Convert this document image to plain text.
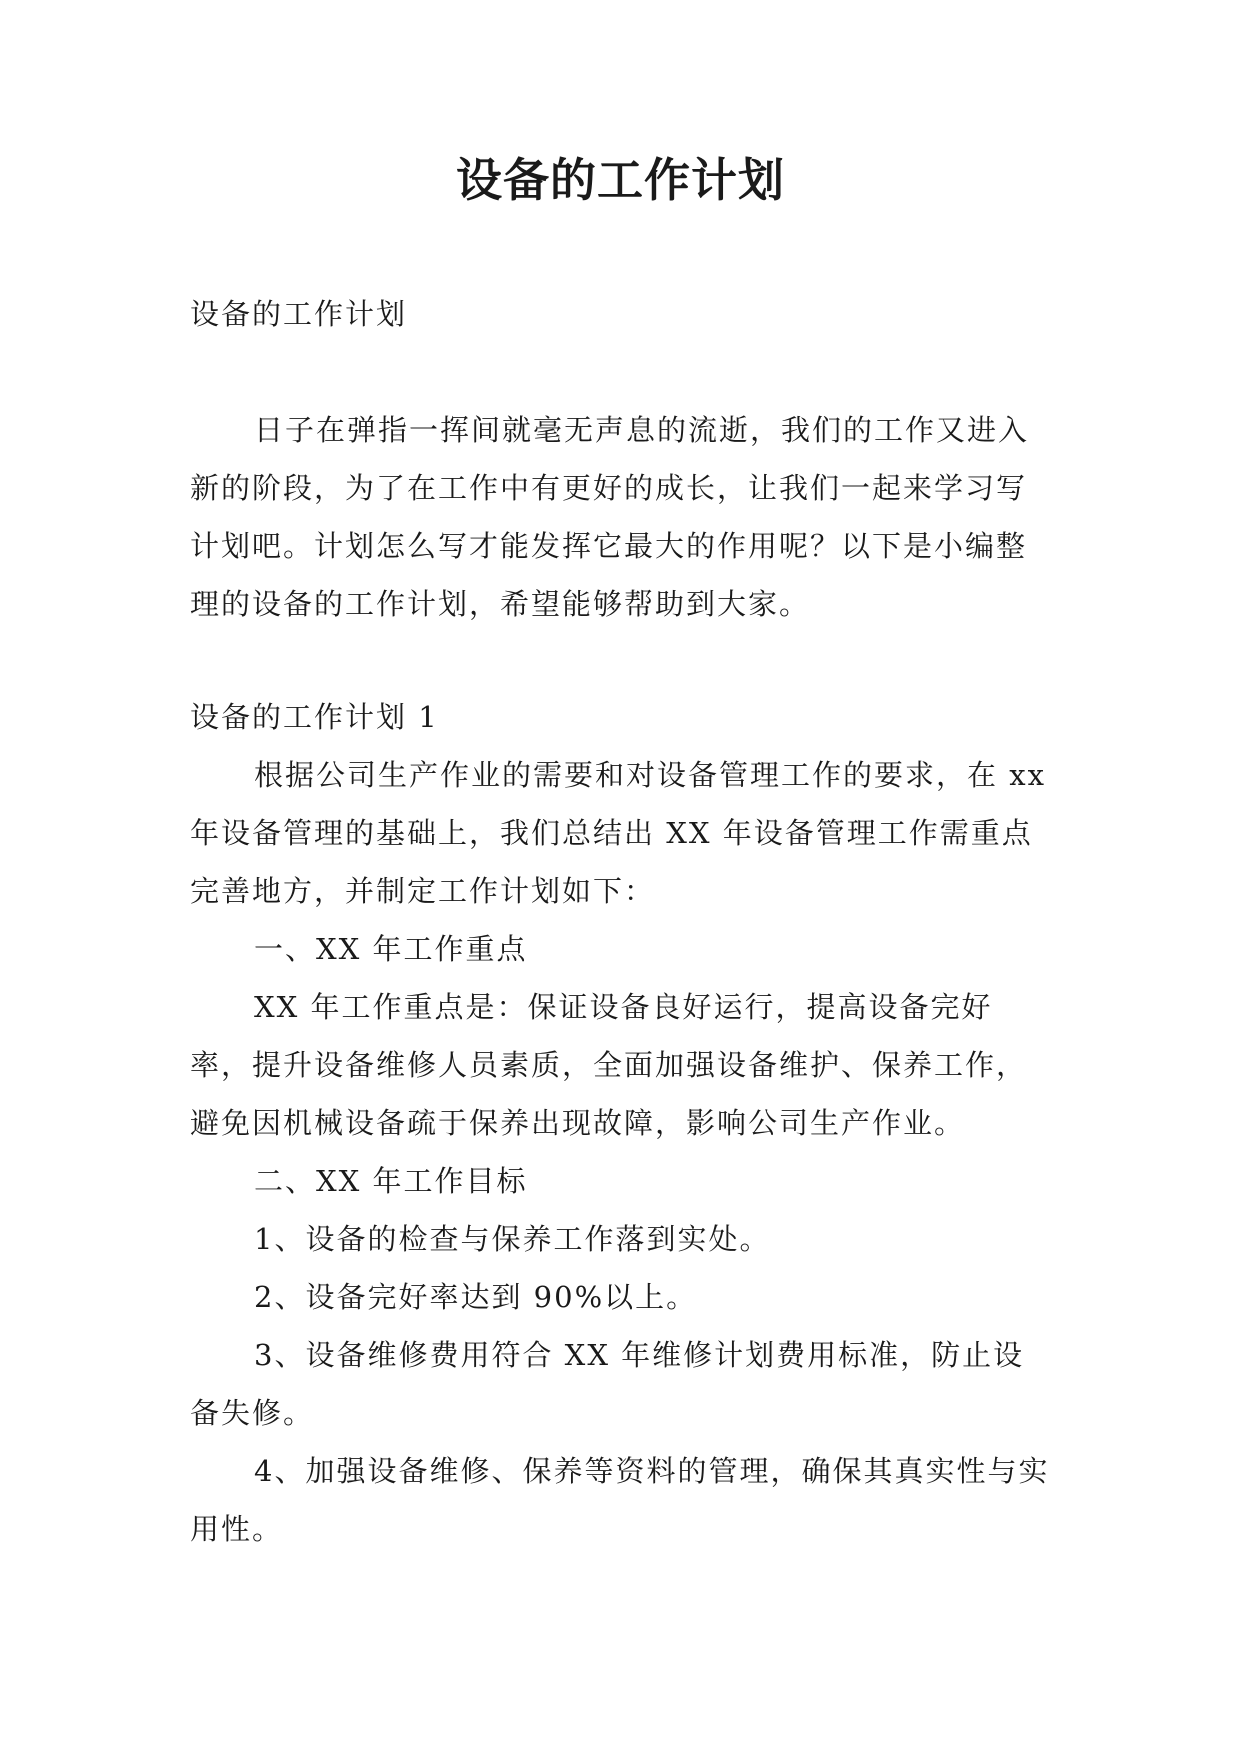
设备的工作计划

设备的工作计划

日子在弹指一挥间就毫无声息的流逝，我们的工作又进入新的阶段，为了在工作中有更好的成长，让我们一起来学习写计划吧。计划怎么写才能发挥它最大的作用呢？以下是小编整理的设备的工作计划，希望能够帮助到大家。

设备的工作计划 1

根据公司生产作业的需要和对设备管理工作的要求，在 xx 年设备管理的基础上，我们总结出 XX 年设备管理工作需重点完善地方，并制定工作计划如下：

一、XX 年工作重点

XX 年工作重点是：保证设备良好运行，提高设备完好率，提升设备维修人员素质，全面加强设备维护、保养工作，避免因机械设备疏于保养出现故障，影响公司生产作业。

二、XX 年工作目标

1、设备的检查与保养工作落到实处。

2、设备完好率达到 90%以上。

3、设备维修费用符合 XX 年维修计划费用标准，防止设备失修。

4、加强设备维修、保养等资料的管理，确保其真实性与实用性。
